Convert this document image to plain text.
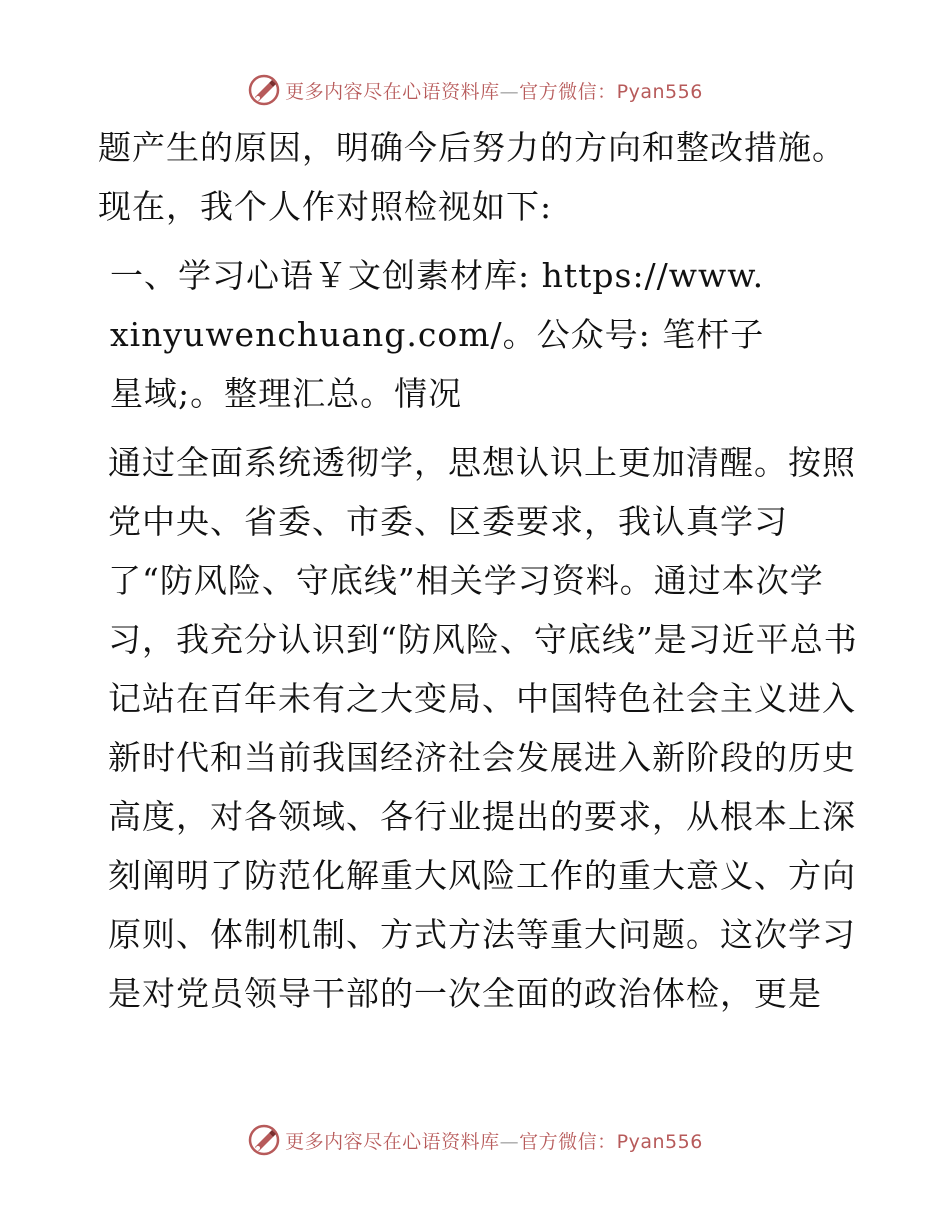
更多内容尽在心语资料库—官方微信：Pyan556

题产生的原因，明确今后努力的方向和整改措施。现在，我个人作对照检视如下:

一、学习心语￥文创素材库: https://www.xinyuwenchuang.com/。公众号: 笔杆子星域;。整理汇总。情况

通过全面系统透彻学，思想认识上更加清醒。按照党中央、省委、市委、区委要求，我认真学习了“防风险、守底线”相关学习资料。通过本次学习，我充分认识到“防风险、守底线”是习近平总书记站在百年未有之大变局、中国特色社会主义进入新时代和当前我国经济社会发展进入新阶段的历史高度，对各领域、各行业提出的要求，从根本上深刻阐明了防范化解重大风险工作的重大意义、方向原则、体制机制、方式方法等重大问题。这次学习是对党员领导干部的一次全面的政治体检，更是

更多内容尽在心语资料库—官方微信：Pyan556
